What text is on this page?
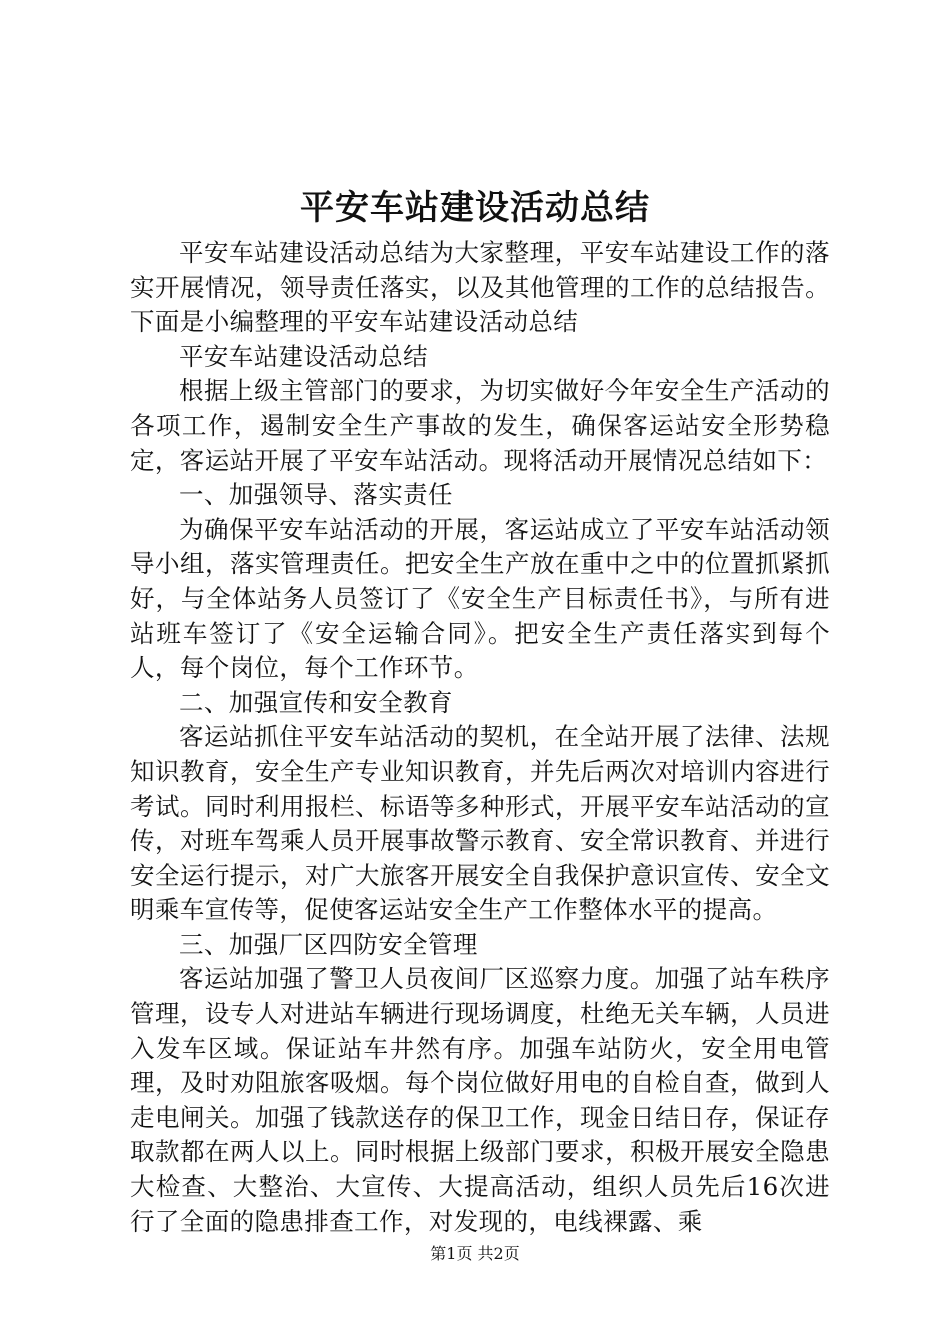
平安车站建设活动总结

平安车站建设活动总结为大家整理，平安车站建设工作的落实开展情况，领导责任落实，以及其他管理的工作的总结报告。下面是小编整理的平安车站建设活动总结

平安车站建设活动总结

根据上级主管部门的要求，为切实做好今年安全生产活动的各项工作，遏制安全生产事故的发生，确保客运站安全形势稳定，客运站开展了平安车站活动。现将活动开展情况总结如下：

一、加强领导、落实责任

为确保平安车站活动的开展，客运站成立了平安车站活动领导小组，落实管理责任。把安全生产放在重中之中的位置抓紧抓好，与全体站务人员签订了《安全生产目标责任书》，与所有进站班车签订了《安全运输合同》。把安全生产责任落实到每个人，每个岗位，每个工作环节。

二、加强宣传和安全教育

客运站抓住平安车站活动的契机，在全站开展了法律、法规知识教育，安全生产专业知识教育，并先后两次对培训内容进行考试。同时利用报栏、标语等多种形式，开展平安车站活动的宣传，对班车驾乘人员开展事故警示教育、安全常识教育、并进行安全运行提示，对广大旅客开展安全自我保护意识宣传、安全文明乘车宣传等，促使客运站安全生产工作整体水平的提高。

三、加强厂区四防安全管理

客运站加强了警卫人员夜间厂区巡察力度。加强了站车秩序管理，设专人对进站车辆进行现场调度，杜绝无关车辆，人员进入发车区域。保证站车井然有序。加强车站防火，安全用电管理，及时劝阻旅客吸烟。每个岗位做好用电的自检自查，做到人走电闸关。加强了钱款送存的保卫工作，现金日结日存，保证存取款都在两人以上。同时根据上级部门要求，积极开展安全隐患大检查、大整治、大宣传、大提高活动，组织人员先后16次进行了全面的隐患排查工作，对发现的，电线裸露、乘

第1页 共2页
